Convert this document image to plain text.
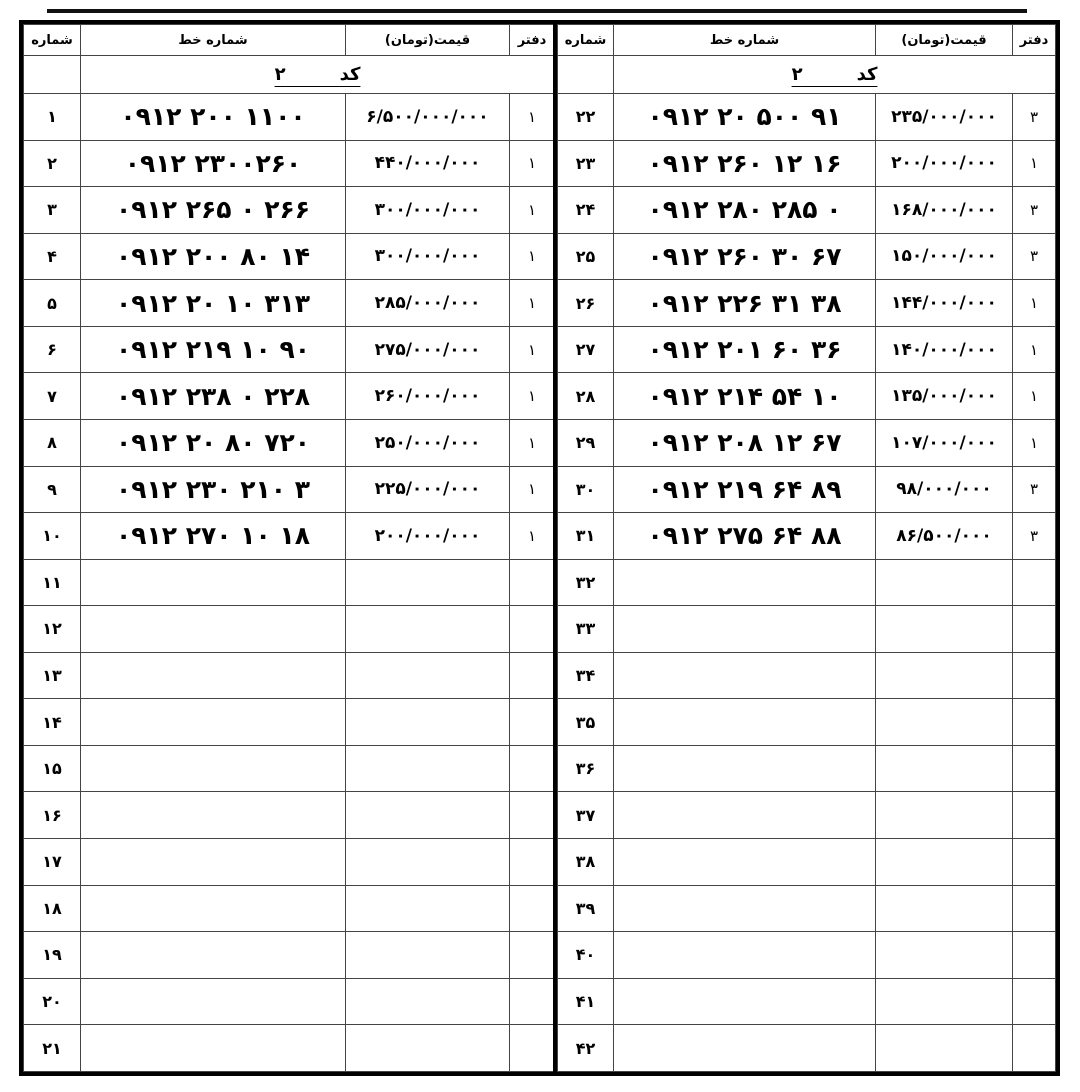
شماره	شماره خط	قیمت(تومان)	دفتر
	کد   ۲		
۱	۰۹۱۲ ۲۰۰ ۱۱۰۰	۶/۵۰۰/۰۰۰/۰۰۰	۱
۲	۰۹۱۲ ۲۳۰۰۲۶۰	۴۴۰/۰۰۰/۰۰۰	۱
۳	۰۹۱۲ ۲۶۵ ۰ ۲۶۶	۳۰۰/۰۰۰/۰۰۰	۱
۴	۰۹۱۲ ۲۰۰ ۸۰ ۱۴	۳۰۰/۰۰۰/۰۰۰	۱
۵	۰۹۱۲ ۲۰ ۱۰ ۳۱۳	۲۸۵/۰۰۰/۰۰۰	۱
۶	۰۹۱۲ ۲۱۹ ۱۰ ۹۰	۲۷۵/۰۰۰/۰۰۰	۱
۷	۰۹۱۲ ۲۳۸ ۰ ۲۲۸	۲۶۰/۰۰۰/۰۰۰	۱
۸	۰۹۱۲ ۲۰ ۸۰ ۷۲۰	۲۵۰/۰۰۰/۰۰۰	۱
۹	۰۹۱۲ ۲۳۰ ۲۱۰ ۳	۲۲۵/۰۰۰/۰۰۰	۱
۱۰	۰۹۱۲ ۲۷۰ ۱۰ ۱۸	۲۰۰/۰۰۰/۰۰۰	۱
۱۱			
۱۲			
۱۳			
۱۴			
۱۵			
۱۶			
۱۷			
۱۸			
۱۹			
۲۰			
۲۱			
شماره	شماره خط	قیمت(تومان)	دفتر
	کد   ۲		
۲۲	۰۹۱۲ ۲۰ ۵۰۰ ۹۱	۲۳۵/۰۰۰/۰۰۰	۳
۲۳	۰۹۱۲ ۲۶۰ ۱۲ ۱۶	۲۰۰/۰۰۰/۰۰۰	۱
۲۴	۰۹۱۲ ۲۸۰ ۲۸۵ ۰	۱۶۸/۰۰۰/۰۰۰	۳
۲۵	۰۹۱۲ ۲۶۰ ۳۰ ۶۷	۱۵۰/۰۰۰/۰۰۰	۳
۲۶	۰۹۱۲ ۲۲۶ ۳۱ ۳۸	۱۴۴/۰۰۰/۰۰۰	۱
۲۷	۰۹۱۲ ۲۰۱ ۶۰ ۳۶	۱۴۰/۰۰۰/۰۰۰	۱
۲۸	۰۹۱۲ ۲۱۴ ۵۴ ۱۰	۱۳۵/۰۰۰/۰۰۰	۱
۲۹	۰۹۱۲ ۲۰۸ ۱۲ ۶۷	۱۰۷/۰۰۰/۰۰۰	۱
۳۰	۰۹۱۲ ۲۱۹ ۶۴ ۸۹	۹۸/۰۰۰/۰۰۰	۳
۳۱	۰۹۱۲ ۲۷۵ ۶۴ ۸۸	۸۶/۵۰۰/۰۰۰	۳
۳۲			
۳۳			
۳۴			
۳۵			
۳۶			
۳۷			
۳۸			
۳۹			
۴۰			
۴۱			
۴۲			
